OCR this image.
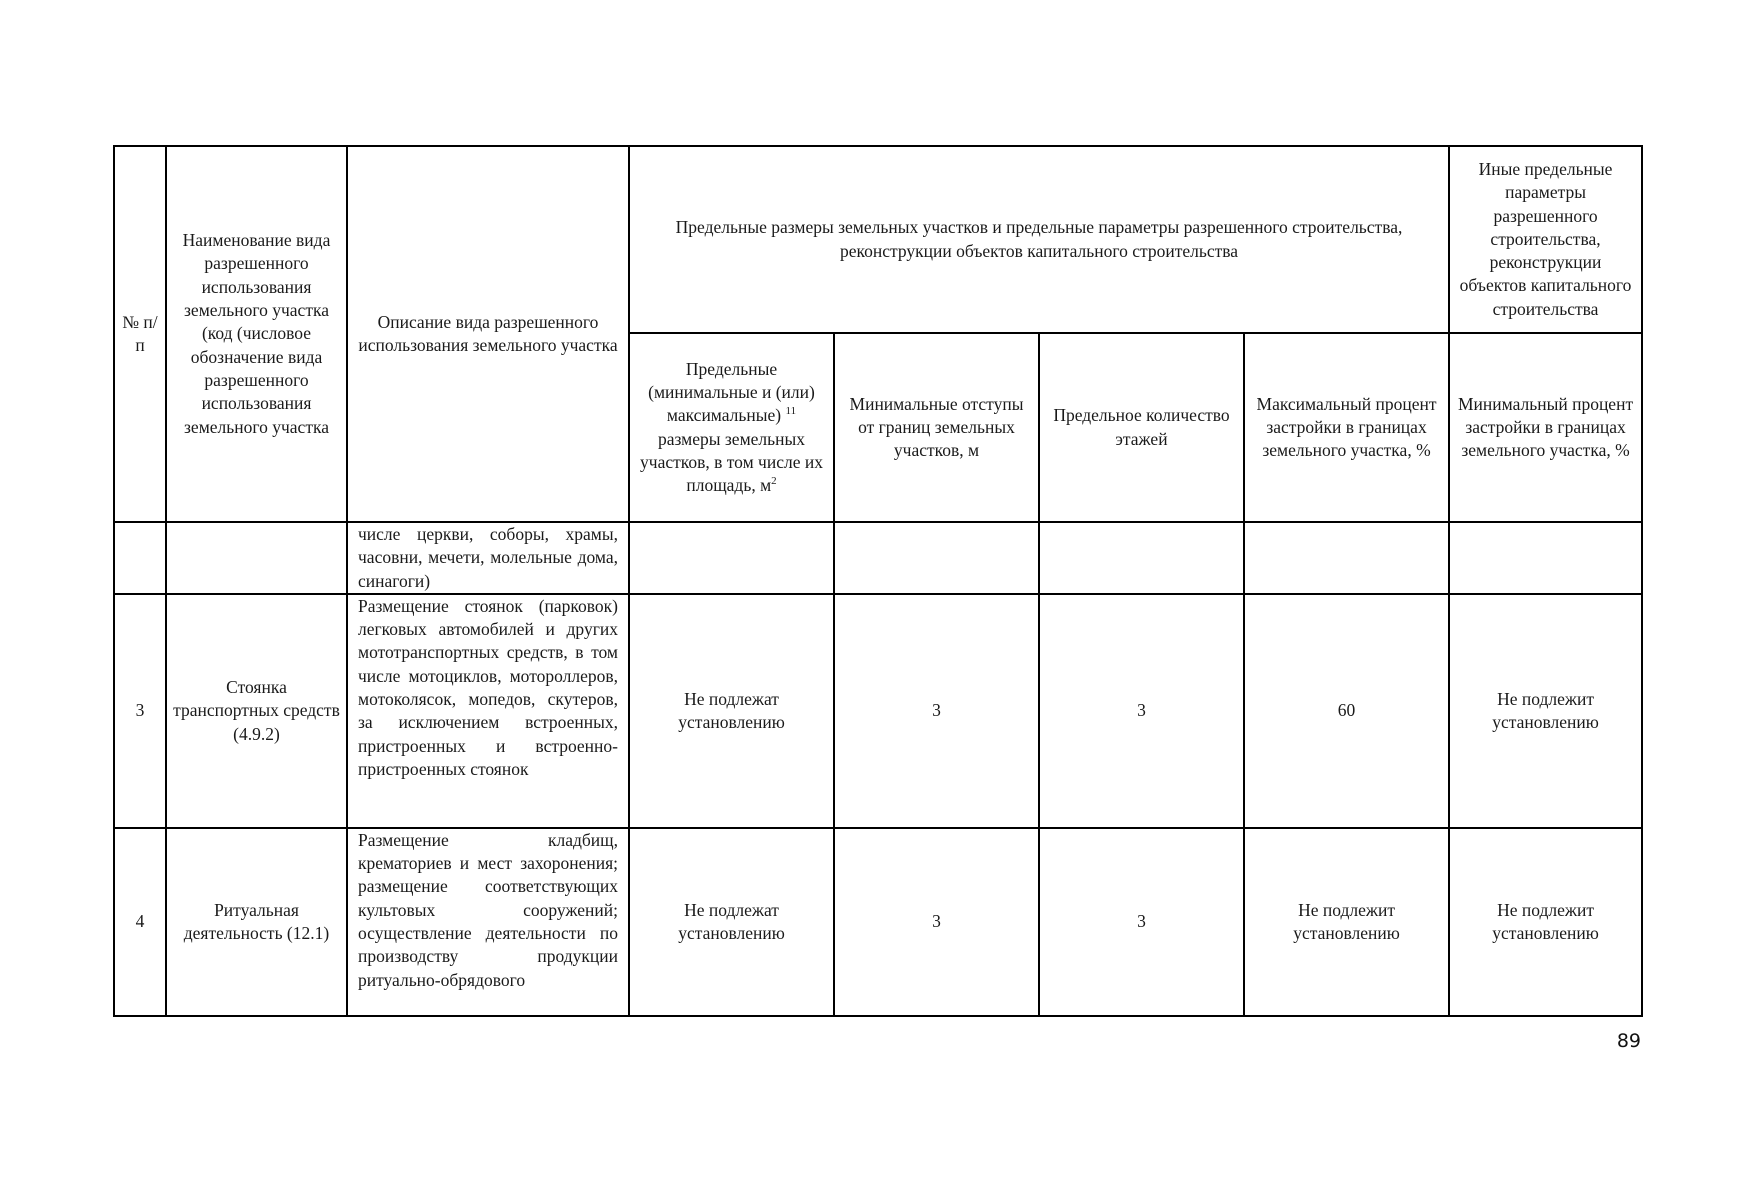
№ п/п	Наименование вида разрешенного использования земельного участка (код (числовое обозначение вида разрешенного использования земельного участка	Описание вида разрешенного использования земельного участка	Предельные размеры земельных участков и предельные параметры разрешенного строительства, реконструкции объектов капитального строительства				Иные предельные параметры разрешенного строительства, реконструкции объектов капитального строительства
			Предельные (минимальные и (или) максимальные) $^{11}$ размеры земельных участков, в том числе их площадь, $м^2$	Минимальные отступы от границ земельных участков, м	Предельное количество этажей	Максимальный процент застройки в границах земельного участка, %	Минимальный процент застройки в границах земельного участка, %
		числе церкви, соборы, храмы, часовни, мечети, молельные дома, синагоги)					
3	Стоянка транспортных средств (4.9.2)	Размещение стоянок (парковок) легковых автомобилей и других мототранспортных средств, в том числе мотоциклов, мотороллеров, мотоколясок, мопедов, скутеров, за исключением встроенных, пристроенных и встроенно-пристроенных стоянок	Не подлежат установлению	3	3	60	Не подлежит установлению
4	Ритуальная деятельность (12.1)	Размещение кладбищ, крематориев и мест захоронения; размещение соответствующих культовых сооружений; осуществление деятельности по производству продукции ритуально-обрядового	Не подлежат установлению	3	3	Не подлежит установлению	Не подлежит установлению
89
